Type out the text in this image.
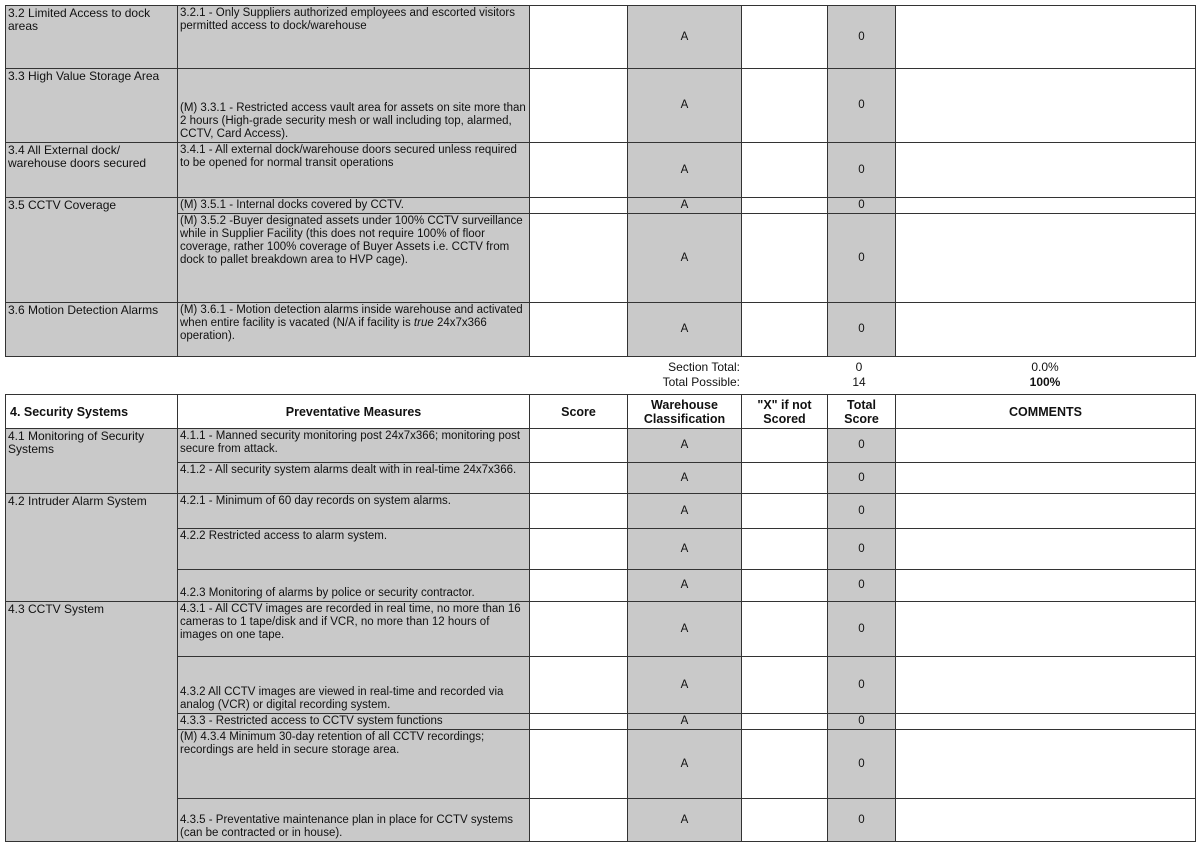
3.2 Limited Access to dock areas	3.2.1 - Only Suppliers authorized employees and escorted visitors permitted access to dock/warehouse		A		0	
3.3 High Value Storage Area	(M) 3.3.1 - Restricted access vault area for assets on site more than 2 hours (High-grade security mesh or wall including top, alarmed, CCTV, Card Access).		A		0	
3.4 All External dock/ warehouse doors secured	3.4.1 - All external dock/warehouse doors secured unless required to be opened for normal transit operations		A		0	
3.5 CCTV Coverage	(M) 3.5.1 - Internal docks covered by CCTV.		A		0	
	(M) 3.5.2 -Buyer designated assets under 100% CCTV surveillance while in Supplier Facility (this does not require 100% of floor coverage, rather 100% coverage of Buyer Assets i.e. CCTV from dock to pallet breakdown area to HVP cage).		A		0	
3.6 Motion Detection Alarms	(M) 3.6.1 - Motion detection alarms inside warehouse and activated when entire facility is vacated (N/A if facility is true 24x7x366 operation).		A		0	
Section Total:	0	0.0%
Total Possible:	14	100%
4. Security Systems	Preventative Measures	Score	Warehouse Classification	"X" if not Scored	Total Score	COMMENTS
4.1 Monitoring of Security Systems	4.1.1 - Manned security monitoring post 24x7x366; monitoring post secure from attack.		A		0	
	4.1.2 - All security system alarms dealt with in real-time 24x7x366.		A		0	
4.2 Intruder Alarm System	4.2.1 - Minimum of 60 day records on system alarms.		A		0	
	4.2.2 Restricted access to alarm system.		A		0	
	4.2.3 Monitoring of alarms by police or security contractor.		A		0	
4.3 CCTV System	4.3.1 - All CCTV images are recorded in real time, no more than 16 cameras to 1 tape/disk and if VCR, no more than 12 hours of images on one tape.		A		0	
	4.3.2 All CCTV images are viewed in real-time and recorded via analog (VCR) or digital recording system.		A		0	
	4.3.3 - Restricted access to CCTV system functions		A		0	
	(M) 4.3.4 Minimum 30-day retention of all CCTV recordings; recordings are held in secure storage area.		A		0	
	4.3.5 - Preventative maintenance plan in place for CCTV systems (can be contracted or in house).		A		0	
